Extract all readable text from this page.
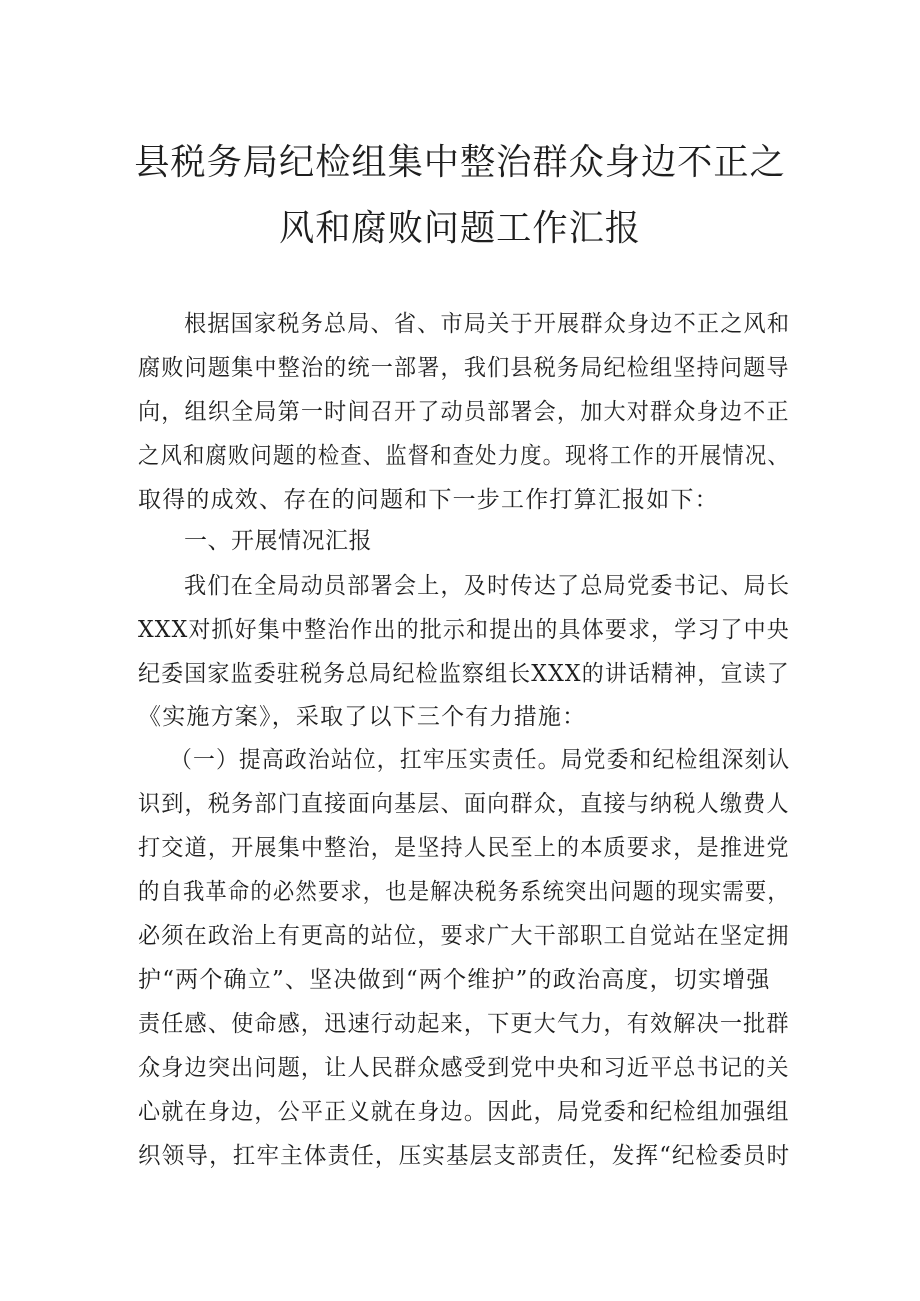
县税务局纪检组集中整治群众身边不正之
风和腐败问题工作汇报
根据国家税务总局、省、市局关于开展群众身边不正之风和
腐败问题集中整治的统一部署，我们县税务局纪检组坚持问题导
向，组织全局第一时间召开了动员部署会，加大对群众身边不正
之风和腐败问题的检查、监督和查处力度。现将工作的开展情况、
取得的成效、存在的问题和下一步工作打算汇报如下：
一、开展情况汇报
我们在全局动员部署会上，及时传达了总局党委书记、局长
XXX对抓好集中整治作出的批示和提出的具体要求，学习了中央
纪委国家监委驻税务总局纪检监察组长XXX的讲话精神，宣读了
《实施方案》，采取了以下三个有力措施：
（一）提高政治站位，扛牢压实责任。局党委和纪检组深刻认
识到，税务部门直接面向基层、面向群众，直接与纳税人缴费人
打交道，开展集中整治，是坚持人民至上的本质要求，是推进党
的自我革命的必然要求，也是解决税务系统突出问题的现实需要，
必须在政治上有更高的站位，要求广大干部职工自觉站在坚定拥
护“两个确立”、坚决做到“两个维护”的政治高度，切实增强
责任感、使命感，迅速行动起来，下更大气力，有效解决一批群
众身边突出问题，让人民群众感受到党中央和习近平总书记的关
心就在身边，公平正义就在身边。因此，局党委和纪检组加强组
织领导，扛牢主体责任，压实基层支部责任，发挥“纪检委员时
